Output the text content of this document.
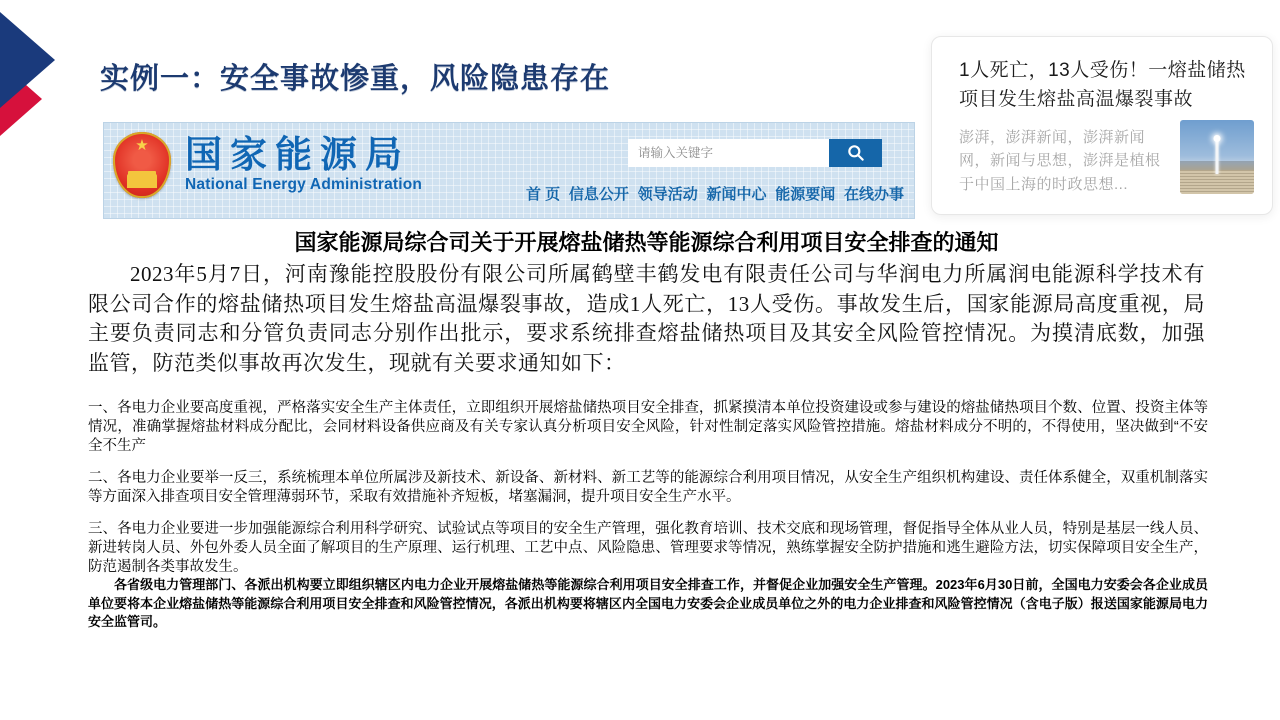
实例一：安全事故惨重，风险隐患存在
★ 国家能源局
National Energy Administration
请输入关键字
首 页 信息公开 领导活动 新闻中心 能源要闻 在线办事
1人死亡，13人受伤！一熔盐储热项目发生熔盐高温爆裂事故
澎湃，澎湃新闻，澎湃新闻网，新闻与思想，澎湃是植根于中国上海的时政思想...
国家能源局综合司关于开展熔盐储热等能源综合利用项目安全排查的通知
2023年5月7日，河南豫能控股股份有限公司所属鹤壁丰鹤发电有限责任公司与华润电力所属润电能源科学技术有限公司合作的熔盐储热项目发生熔盐高温爆裂事故，造成1人死亡，13人受伤。事故发生后，国家能源局高度重视，局主要负责同志和分管负责同志分别作出批示，要求系统排查熔盐储热项目及其安全风险管控情况。为摸清底数，加强监管，防范类似事故再次发生，现就有关要求通知如下：
一、各电力企业要高度重视，严格落实安全生产主体责任，立即组织开展熔盐储热项目安全排查，抓紧摸清本单位投资建设或参与建设的熔盐储热项目个数、位置、投资主体等情况，准确掌握熔盐材料成分配比，会同材料设备供应商及有关专家认真分析项目安全风险，针对性制定落实风险管控措施。熔盐材料成分不明的，不得使用，坚决做到“不安全不生产
二、各电力企业要举一反三，系统梳理本单位所属涉及新技术、新设备、新材料、新工艺等的能源综合利用项目情况，从安全生产组织机构建设、责任体系健全，双重机制落实等方面深入排查项目安全管理薄弱环节，采取有效措施补齐短板，堵塞漏洞，提升项目安全生产水平。
三、各电力企业要进一步加强能源综合利用科学研究、试验试点等项目的安全生产管理，强化教育培训、技术交底和现场管理，督促指导全体从业人员，特别是基层一线人员、新进转岗人员、外包外委人员全面了解项目的生产原理、运行机理、工艺中点、风险隐患、管理要求等情况，熟练掌握安全防护措施和逃生避险方法，切实保障项目安全生产，防范遏制各类事故发生。
各省级电力管理部门、各派出机构要立即组织辖区内电力企业开展熔盐储热等能源综合利用项目安全排查工作，并督促企业加强安全生产管理。2023年6月30日前，全国电力安委会各企业成员单位要将本企业熔盐储热等能源综合利用项目安全排查和风险管控情况，各派出机构要将辖区内全国电力安委会企业成员单位之外的电力企业排查和风险管控情况（含电子版）报送国家能源局电力安全监管司。
